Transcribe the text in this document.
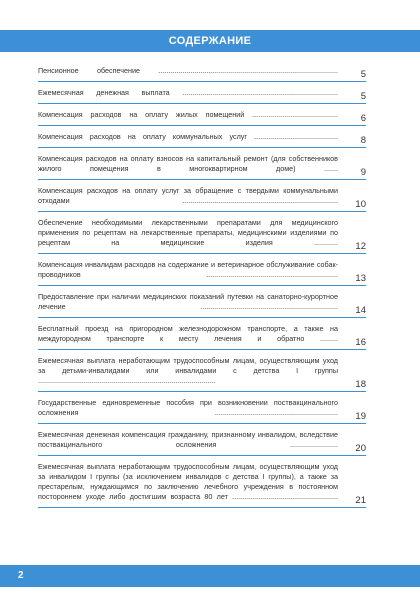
СОДЕРЖАНИЕ
Пенсионное обеспечение ..........................................................................................	5
Ежемесячная денежная выплата ..............................................................................	5
Компенсация расходов на оплату жилых помещений ...........................................	6
Компенсация расходов на оплату коммунальных услуг ..........................................	8
Компенсация расходов на оплату взносов на капитальный ремонт (для собственников жилого помещения в многоквартирном доме) .......	9
Компенсация расходов на оплату услуг за обращение с твердыми коммунальными отходами ..............................................................................	10
Обеспечение необходимыми лекарственными препаратами для медицинского применения по рецептам на лекарственные препараты, медицинскими изделиями по рецептам на медицинские изделия ............	12
Компенсация инвалидам расходов на содержание и ветеринарное обслуживание собак-проводников ..................................................................	13
Предоставление при наличии медицинских показаний путевки на санаторно-курортное лечение .....................................................................	14
Бесплатный проезд на пригородном железнодорожном транспорте, а также на междугородном транспорте к месту лечения и обратно .........	16
Ежемесячная выплата неработающим трудоспособным лицам, осуществляющим уход за детьми-инвалидами или инвалидами с детства I группы .........................................................................................	18
Государственные единовременные пособия при возникновении поствакцинального осложнения ..............................................................	19
Ежемесячная денежная компенсация гражданину, признанному инвалидом, вследствие поствакцинального осложнения ........................	20
Ежемесячная выплата неработающим трудоспособным лицам, осуществляющим уход за инвалидом I группы (за исключением инвалидов с детства I группы), а также за престарелым, нуждающимся по заключению лечебного учреждения в постоянном постороннем уходе либо достигшим возраста 80 лет .....................................................	21
2
